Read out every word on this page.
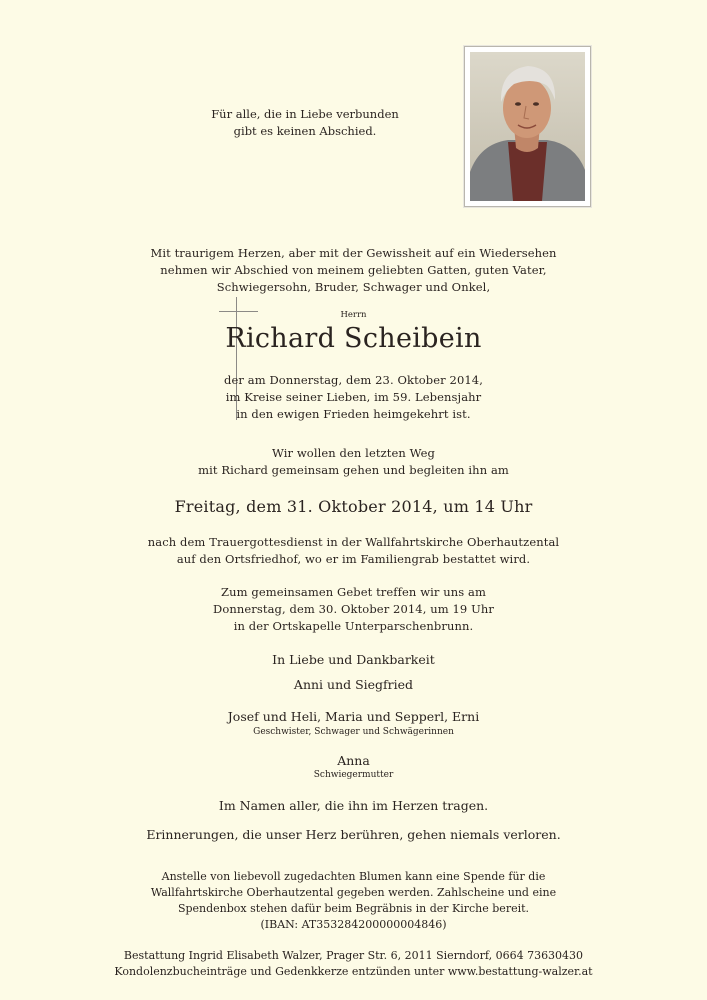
Für alle, die in Liebe verbunden
gibt es keinen Abschied.

Mit traurigem Herzen, aber mit der Gewissheit auf ein Wiedersehen

nehmen wir Abschied von meinem geliebten Gatten, guten Vater,

Schwiegersohn, Bruder, Schwager und Onkel,

Herrn

Richard Scheibein

der am Donnerstag, dem 23. Oktober 2014,

im Kreise seiner Lieben, im 59. Lebensjahr

in den ewigen Frieden heimgekehrt ist.

Wir wollen den letzten Weg

mit Richard gemeinsam gehen und begleiten ihn am

Freitag, dem 31. Oktober 2014, um 14 Uhr

nach dem Trauergottesdienst in der Wallfahrtskirche Oberhautzental

auf den Ortsfriedhof, wo er im Familiengrab bestattet wird.

Zum gemeinsamen Gebet treffen wir uns am

Donnerstag, dem 30. Oktober 2014, um 19 Uhr

in der Ortskapelle Unterparschenbrunn.

In Liebe und Dankbarkeit

Anni und Siegfried

Josef und Heli, Maria und Sepperl, Erni

Geschwister, Schwager und Schwägerinnen

Anna

Schwiegermutter

Im Namen aller, die ihn im Herzen tragen.

Erinnerungen, die unser Herz berühren, gehen niemals verloren.

Anstelle von liebevoll zugedachten Blumen kann eine Spende für die

Wallfahrtskirche Oberhautzental gegeben werden. Zahlscheine und eine

Spendenbox stehen dafür beim Begräbnis in der Kirche bereit.

(IBAN: AT353284200000004846)

Bestattung Ingrid Elisabeth Walzer, Prager Str. 6, 2011 Sierndorf, 0664 73630430

Kondolenzbucheinträge und Gedenkkerze entzünden unter www.bestattung-walzer.at
